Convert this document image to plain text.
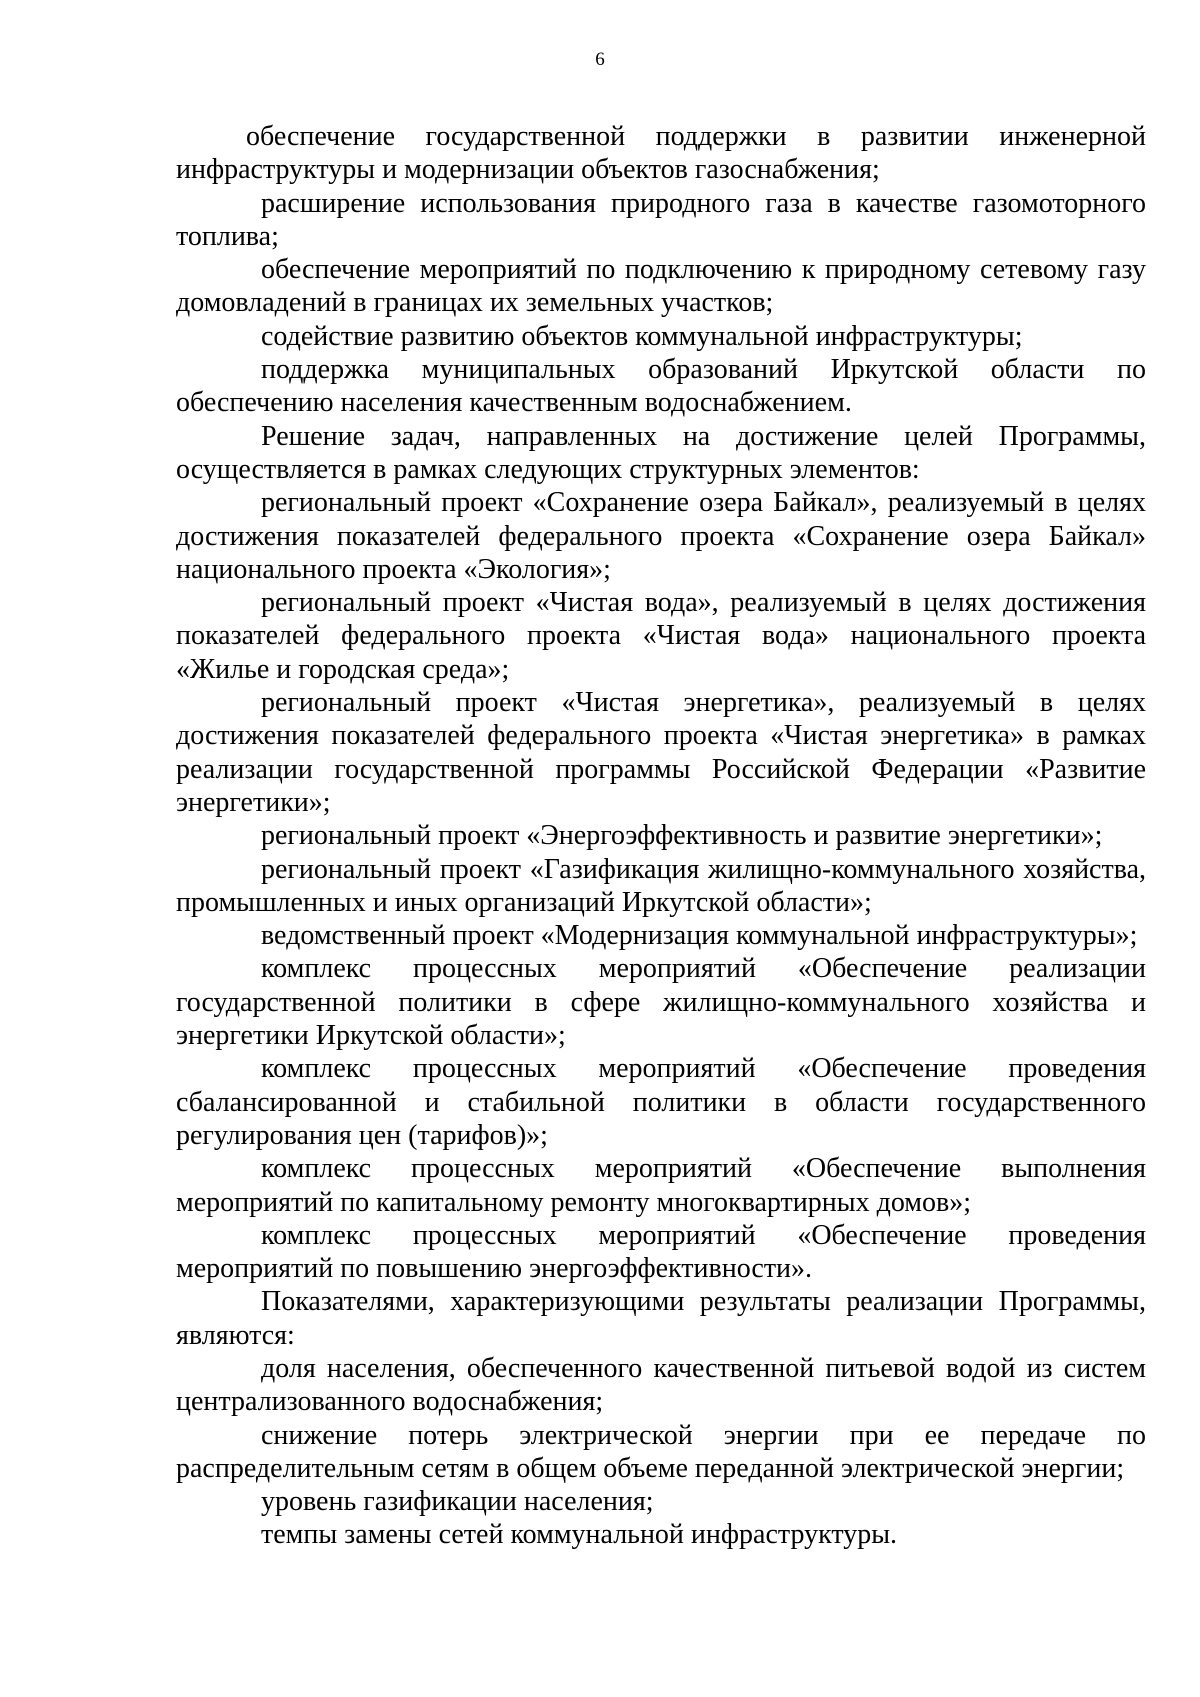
6

обеспечение государственной поддержки в развитии инженерной инфраструктуры и модернизации объектов газоснабжения;

расширение использования природного газа в качестве газомоторного топлива;

обеспечение мероприятий по подключению к природному сетевому газу домовладений в границах их земельных участков;

содействие развитию объектов коммунальной инфраструктуры;

поддержка муниципальных образований Иркутской области по обеспечению населения качественным водоснабжением.

Решение задач, направленных на достижение целей Программы, осуществляется в рамках следующих структурных элементов:

региональный проект «Сохранение озера Байкал», реализуемый в целях достижения показателей федерального проекта «Сохранение озера Байкал» национального проекта «Экология»;

региональный проект «Чистая вода», реализуемый в целях достижения показателей федерального проекта «Чистая вода» национального проекта «Жилье и городская среда»;

региональный проект «Чистая энергетика», реализуемый в целях достижения показателей федерального проекта «Чистая энергетика» в рамках реализации государственной программы Российской Федерации «Развитие энергетики»;

региональный проект «Энергоэффективность и развитие энергетики»;

региональный проект «Газификация жилищно-коммунального хозяйства, промышленных и иных организаций Иркутской области»;

ведомственный проект «Модернизация коммунальной инфраструктуры»;

комплекс процессных мероприятий «Обеспечение реализации государственной политики в сфере жилищно-коммунального хозяйства и энергетики Иркутской области»;

комплекс процессных мероприятий «Обеспечение проведения сбалансированной и стабильной политики в области государственного регулирования цен (тарифов)»;

комплекс процессных мероприятий «Обеспечение выполнения мероприятий по капитальному ремонту многоквартирных домов»;

комплекс процессных мероприятий «Обеспечение проведения мероприятий по повышению энергоэффективности».

Показателями, характеризующими результаты реализации Программы, являются:

доля населения, обеспеченного качественной питьевой водой из систем централизованного водоснабжения;

снижение потерь электрической энергии при ее передаче по распределительным сетям в общем объеме переданной электрической энергии;

уровень газификации населения;

темпы замены сетей коммунальной инфраструктуры.
